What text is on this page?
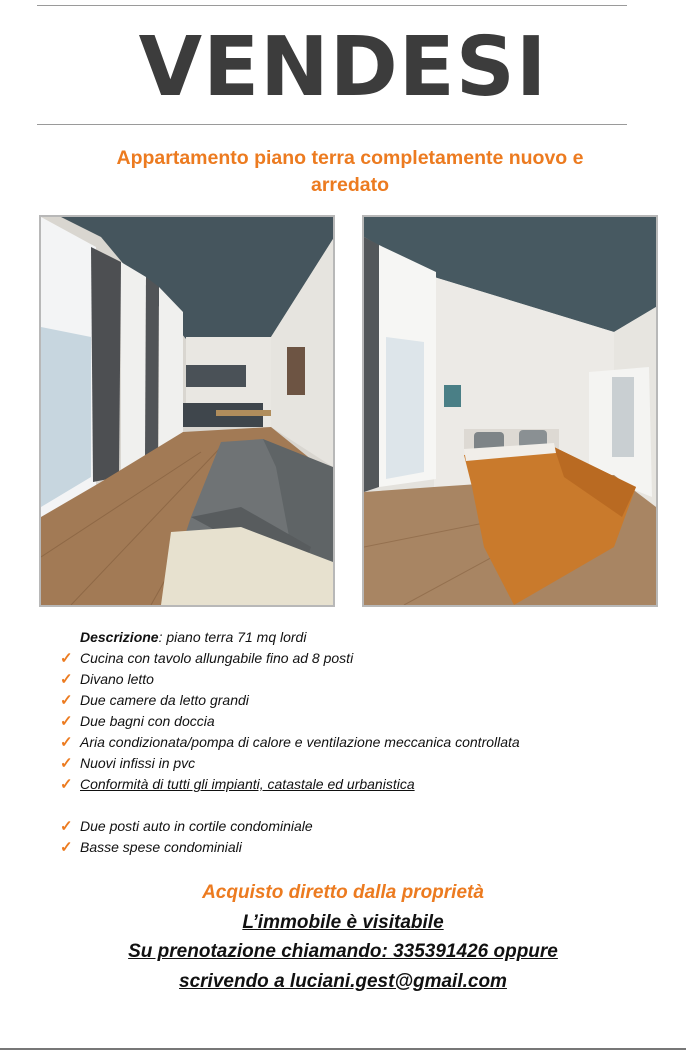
VENDESI
Appartamento piano terra completamente nuovo e arredato
Descrizione: piano terra 71 mq lordi
✓ Cucina con tavolo allungabile fino ad 8 posti
✓ Divano letto
✓ Due camere da letto grandi
✓ Due bagni con doccia
✓ Aria condizionata/pompa di calore e ventilazione meccanica controllata
✓ Nuovi infissi in pvc
✓ Conformità di tutti gli impianti, catastale ed urbanistica
✓ Due posti auto in cortile condominiale
✓ Basse spese condominiali
Acquisto diretto dalla proprietà
L’immobile è visitabile
Su prenotazione chiamando: 335391426 oppure
scrivendo a luciani.gest@gmail.com
